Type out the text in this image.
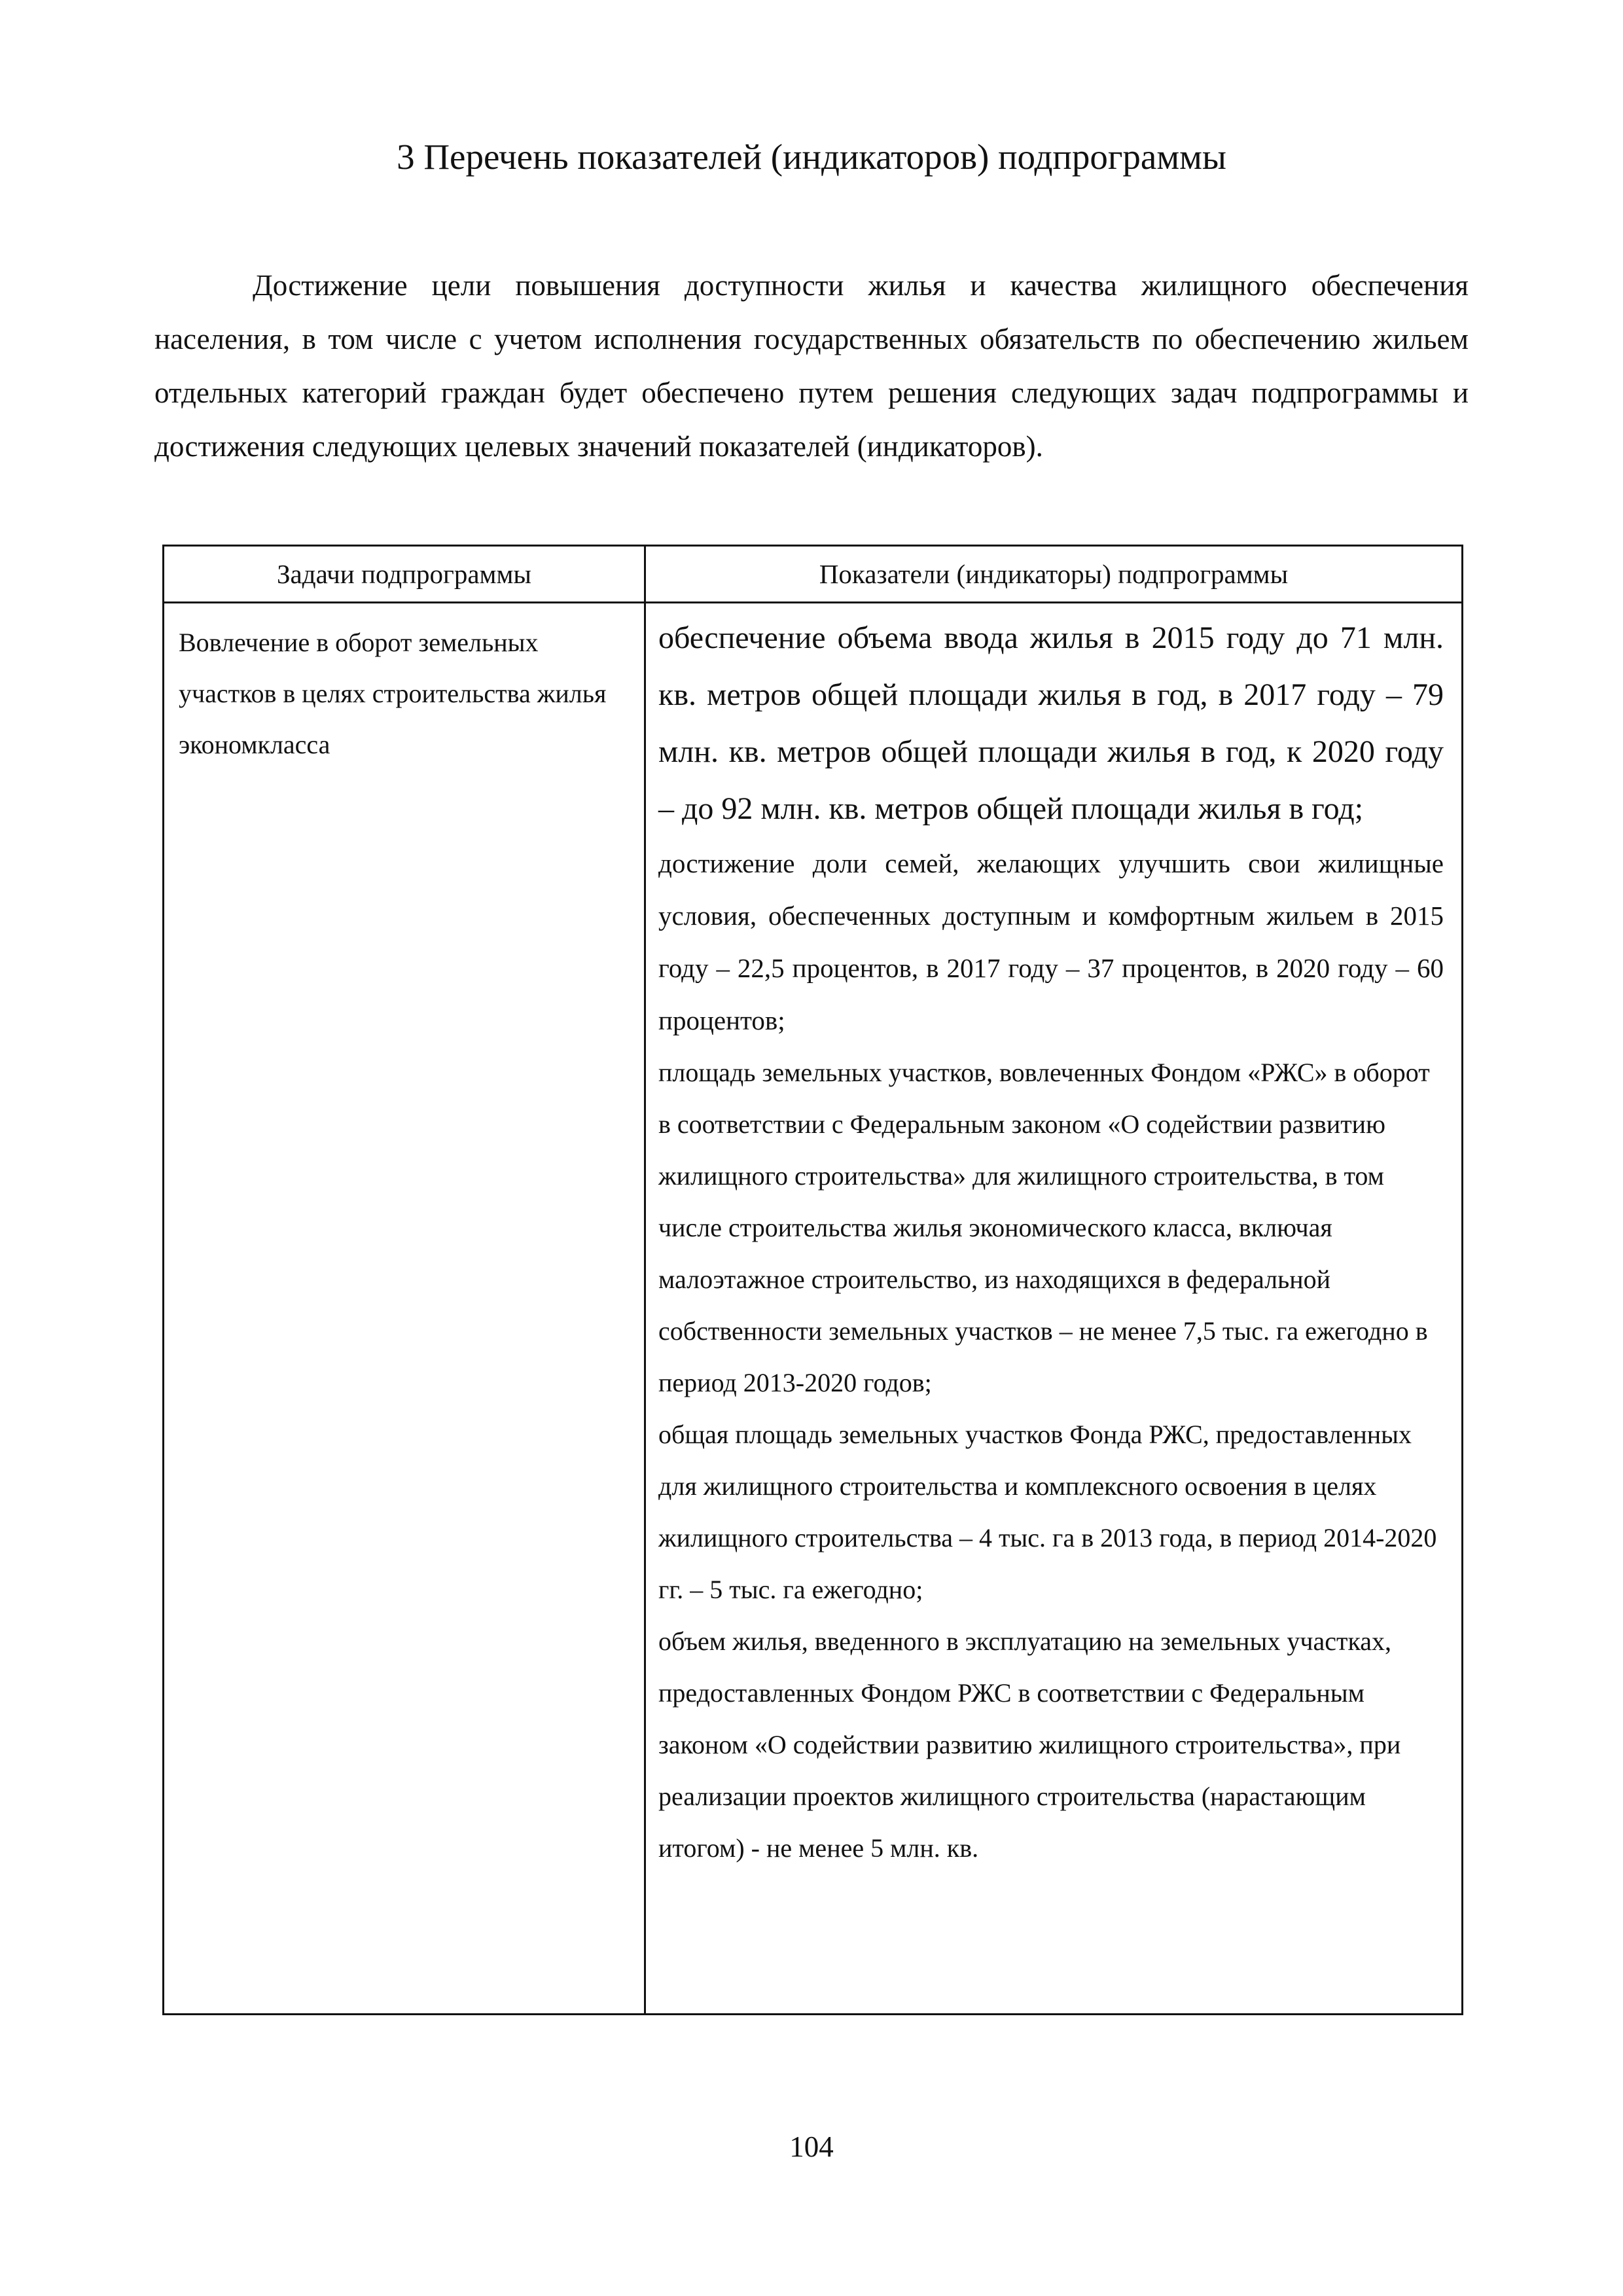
3 Перечень показателей (индикаторов) подпрограммы

Достижение цели повышения доступности жилья и качества жилищного обеспечения населения, в том числе с учетом исполнения государственных обязательств по обеспечению жильем отдельных категорий граждан будет обеспечено путем решения следующих задач подпрограммы и достижения следующих целевых значений показателей (индикаторов).

Задачи подпрограммы	Показатели (индикаторы) подпрограммы
Вовлечение в оборот земельных участков в целях строительства жилья экономкласса

обеспечение объема ввода жилья в 2015 году до 71 млн. кв. метров общей площади жилья в год, в 2017 году – 79 млн. кв. метров общей площади жилья в год, к 2020 году – до 92 млн. кв. метров общей площади жилья в год;

достижение доли семей, желающих улучшить свои жилищные условия, обеспеченных доступным и комфортным жильем в 2015 году – 22,5 процентов, в 2017 году – 37 процентов, в 2020 году – 60 процентов;

площадь земельных участков, вовлеченных Фондом «РЖС» в оборот в соответствии с Федеральным законом «О содействии развитию жилищного строительства» для жилищного строительства, в том числе строительства жилья экономического класса, включая малоэтажное строительство, из находящихся в федеральной собственности земельных участков – не менее 7,5 тыс. га ежегодно в период 2013-2020 годов;

общая площадь земельных участков Фонда РЖС, предоставленных для жилищного строительства и комплексного освоения в целях жилищного строительства – 4 тыс. га в 2013 года, в период 2014-2020 гг. – 5 тыс. га ежегодно;

объем жилья, введенного в эксплуатацию на земельных участках, предоставленных Фондом РЖС в соответствии с Федеральным законом «О содействии развитию жилищного строительства», при реализации проектов жилищного строительства (нарастающим итогом) - не менее 5 млн. кв.

104
